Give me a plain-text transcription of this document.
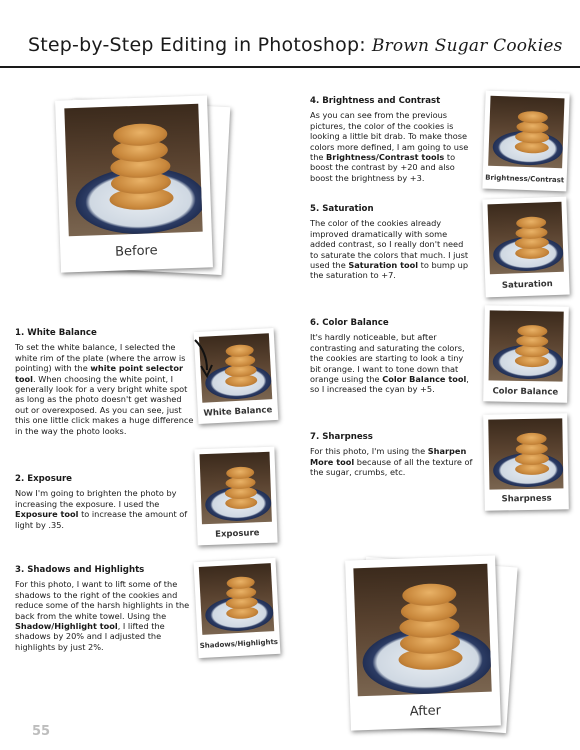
Step-by-Step Editing in Photoshop: Brown Sugar Cookies
1. White Balance

To set the white balance, I selected the white rim of the plate (where the arrow is pointing) with the white point selector tool. When choosing the white point, I generally look for a very bright white spot as long as the photo doesn't get washed out or overexposed. As you can see, just this one little click makes a huge difference in the way the photo looks.

2. Exposure

Now I'm going to brighten the photo by increasing the exposure. I used the Exposure tool to increase the amount of light by .35.

3. Shadows and Highlights

For this photo, I want to lift some of the shadows to the right of the cookies and reduce some of the harsh highlights in the back from the white towel. Using the Shadow/Highlight tool, I lifted the shadows by 20% and I adjusted the highlights by just 2%.

4. Brightness and Contrast

As you can see from the previous pictures, the color of the cookies is looking a little bit drab. To make those colors more defined, I am going to use the Brightness/Contrast tools to boost the contrast by +20 and also boost the brightness by +3.

5. Saturation

The color of the cookies already improved dramatically with some added contrast, so I really don't need to saturate the colors that much. I just used the Saturation tool to bump up the saturation to +7.

6. Color Balance

It's hardly noticeable, but after contrasting and saturating the colors, the cookies are starting to look a tiny bit orange. I want to tone down that orange using the Color Balance tool, so I increased the cyan by +5.

7. Sharpness

For this photo, I'm using the Sharpen More tool because of all the texture of the sugar, crumbs, etc.

Before
White Balance
Exposure
Shadows/Highlights
Brightness/Contrast
Saturation
Color Balance
Sharpness
After
55
